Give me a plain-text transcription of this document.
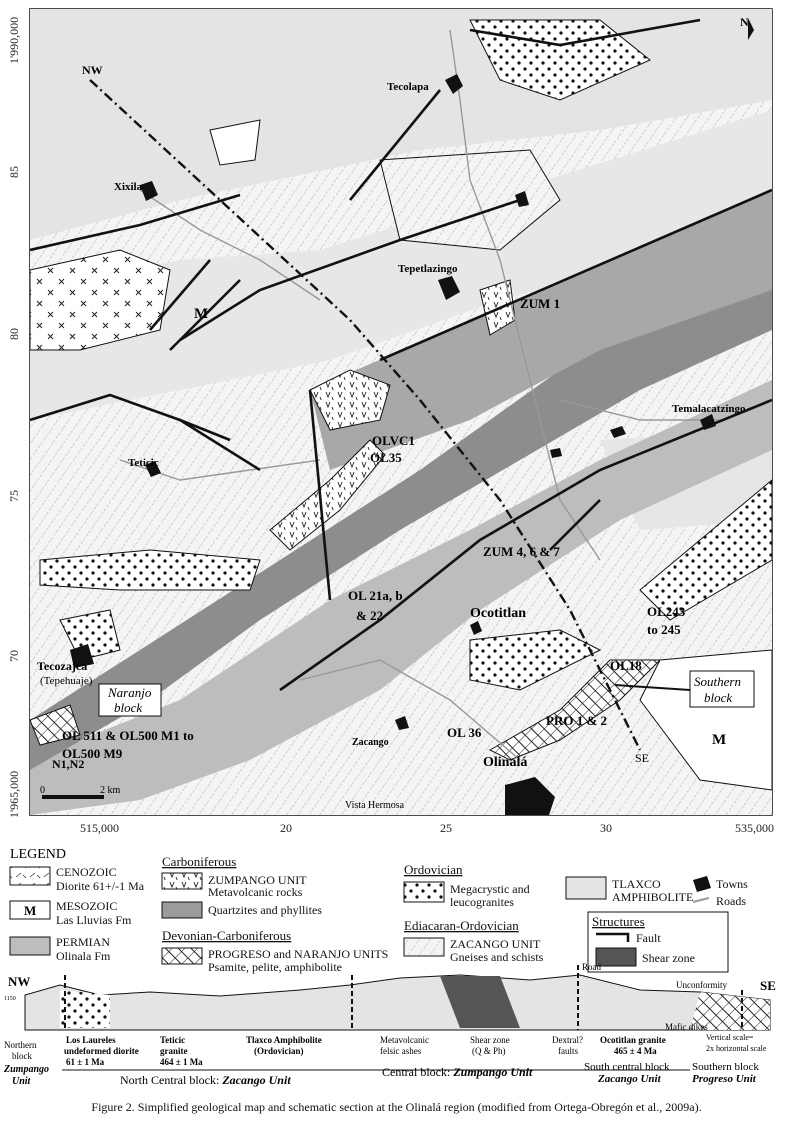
1'990,000
85
80
75
70
1'965,000
515,000	20	25	30	535,000
Tecolapa
Xixila
Tepetlazingo
Temalacatzingo
Teticic
Ocotitlan
Tecozajca
(Tepehuaje)
Zacango
Olinalá
Vista Hermosa
ZUM 1
OLVC1
OL35
ZUM 4, 6 & 7
OL 21a, b
& 22	OL243
to 245
OL18
PRO 1 & 2
OL 36
OL 511 & OL500 M1 to
OL500 M9
N1,N2
Naranjo
block
Southern
block
NW
SE
N
M
M
0	2 km
LEGEND
CENOZOIC
Diorite 61+/-1 Ma
M MESOZOIC
Las Lluvias Fm
PERMIAN
Olinala Fm
Carboniferous
ZUMPANGO UNIT
Metavolcanic rocks
Quartzites and phyllites
Devonian-Carboniferous
PROGRESO and NARANJO UNITS
Psamite, pelite, amphibolite
Ordovician
Megacrystic and
leucogranites
Ediacaran-Ordovician
ZACANGO UNIT
Gneises and schists
TLAXCO
AMPHIBOLITE
Towns
Roads
Structures
Fault
Shear zone
NW
1150
SE
Northern
block
Zumpango
Unit
Los Laureles
undeformed diorite
61 ± 1 Ma
Teticic
granite
464 ± 1 Ma
Tlaxco Amphibolite
(Ordovician)
Metavolcanic
felsic ashes
Shear zone
(Q & Ph)
Road
Dextral?
faults
Ocotitlan granite
465 ± 4 Ma
Mafic dikes
Unconformity
Vertical scale=
2x horizontal scale
North Central block: Zacango Unit
Central block: Zumpango Unit	South central block
Zacango Unit
Southern block
Progreso Unit
Figure 2. Simplified geological map and schematic section at the Olinalá region (modified from Ortega-Obregón et al., 2009a).
